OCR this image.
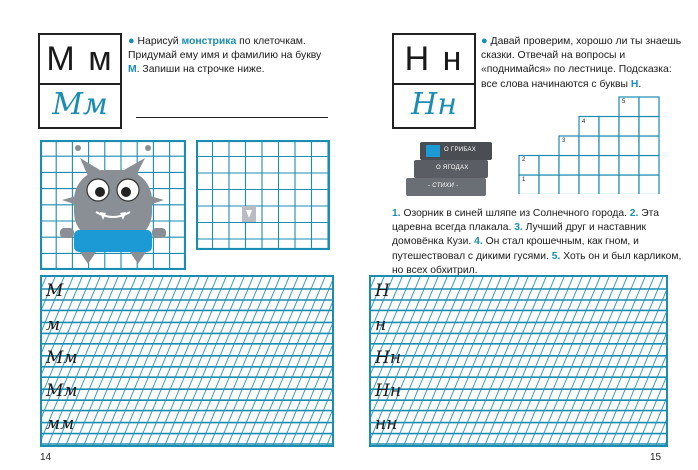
М м
Мм
● Нарисуй монстрика по клеточкам. Придумай ему имя и фамилию на букву М. Запиши на строчке ниже.
М
м
Мм
Мм
мм
14
Н н
Нн
● Давай проверим, хорошо ли ты знаешь сказки. Отвечай на вопросы и «поднимайся» по лестнице. Подсказка: все слова начинаются с буквы Н.
О ГРИБАХ
О ЯГОДАХ
- СТИХИ -
1
2
3
4
5
1. Озорник в синей шляпе из Солнечного города. 2. Эта царевна всегда плакала. 3. Лучший друг и наставник домовёнка Кузи. 4. Он стал крошечным, как гном, и путешествовал с дикими гусями. 5. Хоть он и был карликом, но всех обхитрил.
Н
н
Нн
Нн
нн
15
